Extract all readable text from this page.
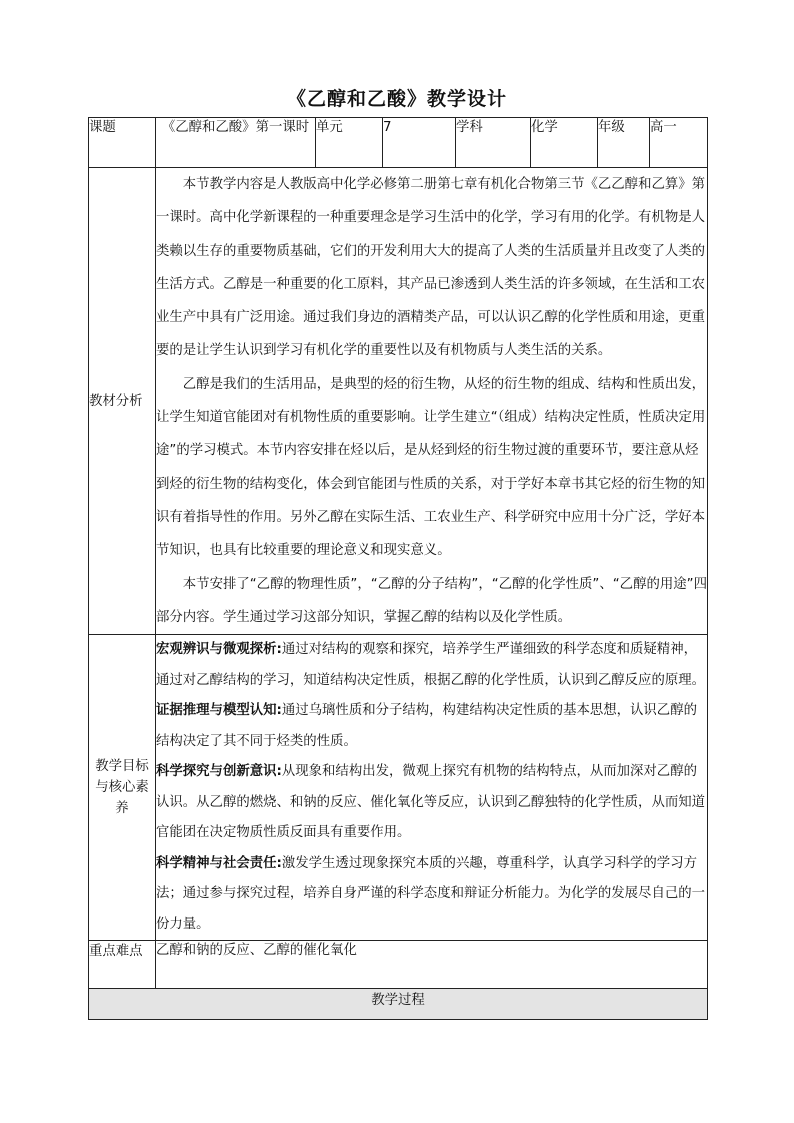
《乙醇和乙酸》教学设计
课题	《乙醇和乙酸》第一课时	单元	7	学科	化学	年级	高一
教材分析	本节教学内容是人教版高中化学必修第二册第七章有机化合物第三节《乙乙醇和乙算》第一课时。高中化学新课程的一种重要理念是学习生活中的化学，学习有用的化学。有机物是人类赖以生存的重要物质基础，它们的开发利用大大的提高了人类的生活质量并且改变了人类的生活方式。乙醇是一种重要的化工原料，其产品已渗透到人类生活的许多领域，在生活和工农业生产中具有广泛用途。通过我们身边的酒精类产品，可以认识乙醇的化学性质和用途，更重要的是让学生认识到学习有机化学的重要性以及有机物质与人类生活的关系。

乙醇是我们的生活用品，是典型的烃的衍生物，从烃的衍生物的组成、结构和性质出发，让学生知道官能团对有机物性质的重要影响。让学生建立“（组成）结构决定性质，性质决定用途”的学习模式。本节内容安排在烃以后，是从烃到烃的衍生物过渡的重要环节，要注意从烃到烃的衍生物的结构变化，体会到官能团与性质的关系，对于学好本章书其它烃的衍生物的知识有着指导性的作用。另外乙醇在实际生活、工农业生产、科学研究中应用十分广泛，学好本节知识，也具有比较重要的理论意义和现实意义。

本节安排了“乙醇的物理性质”，“乙醇的分子结构”，“乙醇的化学性质”、“乙醇的用途”四部分内容。学生通过学习这部分知识，掌握乙醇的结构以及化学性质。						

教学目标与核心素养	宏观辨识与微观探析:通过对结构的观察和探究，培养学生严谨细致的科学态度和质疑精神，通过对乙醇结构的学习，知道结构决定性质，根据乙醇的化学性质，认识到乙醇反应的原理。

证据推理与模型认知:通过乌璃性质和分子结构，构建结构决定性质的基本思想，认识乙醇的结构决定了其不同于烃类的性质。

科学探究与创新意识:从现象和结构出发，微观上探究有机物的结构特点，从而加深对乙醇的认识。从乙醇的燃烧、和钠的反应、催化氧化等反应，认识到乙醇独特的化学性质，从而知道官能团在决定物质性质反面具有重要作用。

科学精神与社会责任:激发学生透过现象探究本质的兴趣，尊重科学，认真学习科学的学习方法；通过参与探究过程，培养自身严谨的科学态度和辩证分析能力。为化学的发展尽自己的一份力量。						

重点难点	乙醇和钠的反应、乙醇的催化氧化						
教学过程							
